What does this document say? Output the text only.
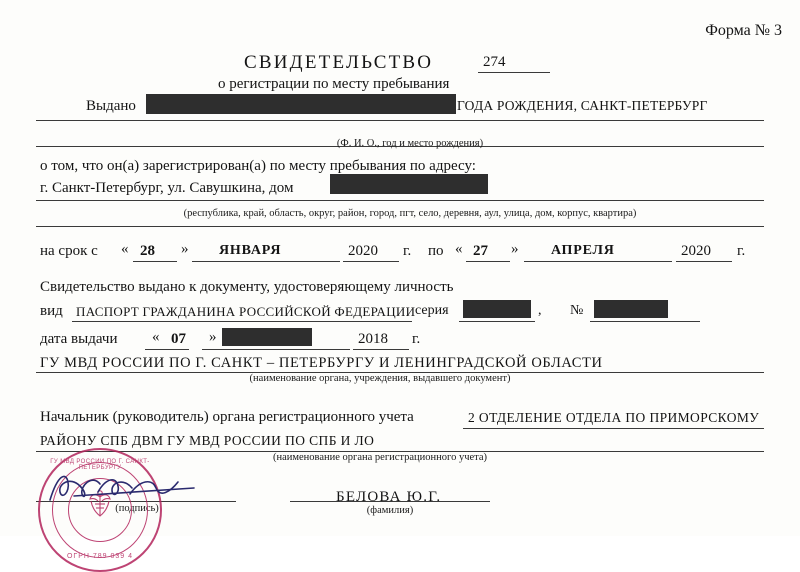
Форма № 3
СВИДЕТЕЛЬСТВО	274
о регистрации по месту пребывания
Выдано	ГОДА РОЖДЕНИЯ, САНКТ-ПЕТЕРБУРГ
(Ф. И. О., год и место рождения)
о том, что он(а) зарегистрирован(а) по месту пребывания по адресу:
г. Санкт-Петербург, ул. Савушкина, дом
(республика, край, область, округ, район, город, пгт, село, деревня, аул, улица, дом, корпус, квартира)
на срок с « 28 » ЯНВАРЯ	2020 г. по « 27 » АПРЕЛЯ	2020 г.
Свидетельство выдано к документу, удостоверяющему личность
вид ПАСПОРТ ГРАЖДАНИНА РОССИЙСКОЙ ФЕДЕРАЦИИ серия	, №
дата выдачи « 07 »	2018 г.
ГУ МВД РОССИИ ПО Г. САНКТ – ПЕТЕРБУРГУ И ЛЕНИНГРАДСКОЙ ОБЛАСТИ
(наименование органа, учреждения, выдавшего документ)
Начальник (руководитель) органа регистрационного учета	2 ОТДЕЛЕНИЕ ОТДЕЛА ПО ПРИМОРСКОМУ
РАЙОНУ СПБ ДВМ ГУ МВД РОССИИ ПО СПБ И ЛО
(наименование органа регистрационного учета)
(подпись)
БЕЛОВА Ю.Г.
(фамилия)
ГУ МВД РОССИИ ПО Г. САНКТ-ПЕТЕРБУРГУ
ОГРН 789 039 4
